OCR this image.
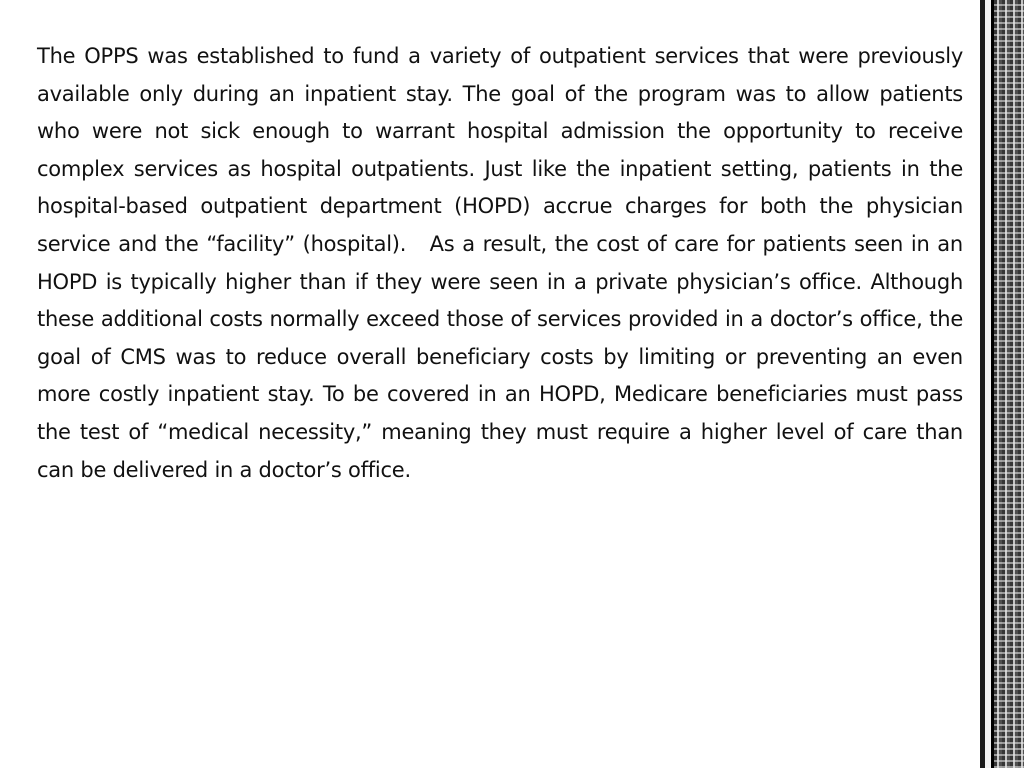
The OPPS was established to fund a variety of outpatient services that were previously available only during an inpatient stay. The goal of the program was to allow patients who were not sick enough to warrant hospital admission the opportunity to receive complex services as hospital outpatients. Just like the inpatient setting, patients in the hospital-based outpatient department (HOPD) accrue charges for both the physician service and the “facility” (hospital).   As a result, the cost of care for patients seen in an HOPD is typically higher than if they were seen in a private physician’s office. Although these additional costs normally exceed those of services provided in a doctor’s office, the goal of CMS was to reduce overall beneficiary costs by limiting or preventing an even more costly inpatient stay. To be covered in an HOPD, Medicare beneficiaries must pass the test of “medical necessity,” meaning they must require a higher level of care than can be delivered in a doctor’s office.
